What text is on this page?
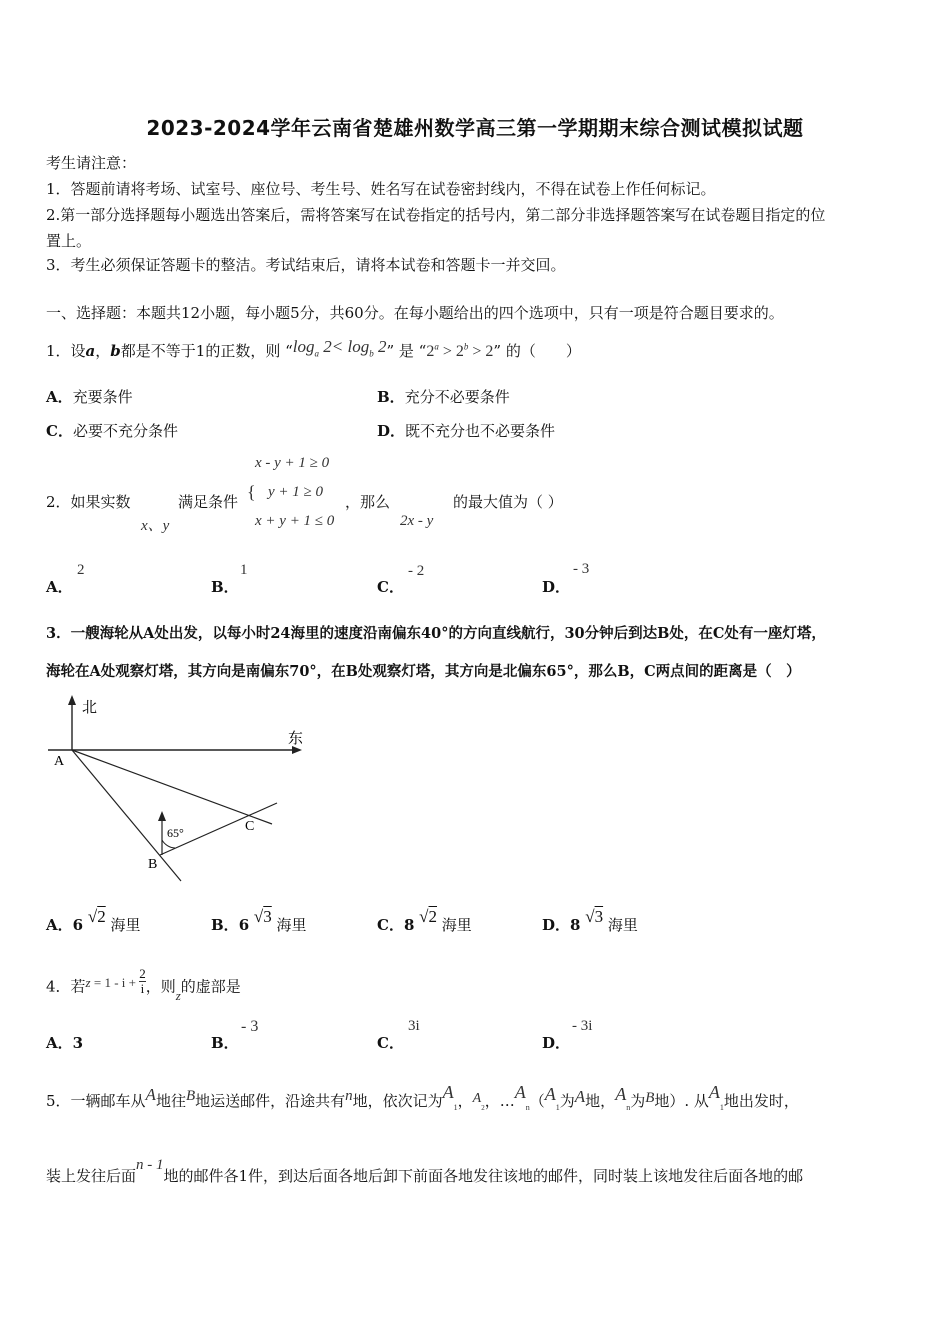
2023-2024学年云南省楚雄州数学高三第一学期期末综合测试模拟试题
考生请注意：
1．答题前请将考场、试室号、座位号、考生号、姓名写在试卷密封线内，不得在试卷上作任何标记。
2.第一部分选择题每小题选出答案后，需将答案写在试卷指定的括号内，第二部分非选择题答案写在试卷题目指定的位
置上。
3．考生必须保证答题卡的整洁。考试结束后，请将本试卷和答题卡一并交回。
一、选择题：本题共12小题，每小题5分，共60分。在每小题给出的四个选项中，只有一项是符合题目要求的。
1．设a，b都是不等于1的正数，则 “$\log_a$ $2< \log_b 2$” 是 “$2^a > 2^b > 2$” 的（　　）
A．充要条件	B．充分不必要条件
C．必要不充分条件	D．既不充分也不必要条件
2．如果实数
x、y
满足条件 {
x - y + 1 ≥ 0
y + 1 ≥ 0
x + y + 1 ≤ 0
，那么
2x - y
的最大值为（ ）
A．
2
B．
1
C．
- 2
D．
- 3
3．一艘海轮从A处出发，以每小时24海里的速度沿南偏东40°的方向直线航行，30分钟后到达B处，在C处有一座灯塔，
海轮在A处观察灯塔，其方向是南偏东70°，在B处观察灯塔，其方向是北偏东65°，那么B，C两点间的距离是（　）
北
东
65°
A
B
C
A．6 √2 海里	B．6 √3 海里	C．8 √2 海里	D．8 √3 海里
4．若$z = 1 - i + \frac{2}{i}$ ，则z的虚部是
A．3	B．
- 3
C．
3i
D．
- 3i
5．一辆邮车从A地往B地运送邮件，沿途共有n地，依次记为$A_1$，$A_2$，$\dots A_n(A_1$为A地，$A_n$为B地）. 从$A_1$地出发时，
装上发往后面n - 1地的邮件各1件，到达后面各地后卸下前面各地发往该地的邮件，同时装上该地发往后面各地的邮
